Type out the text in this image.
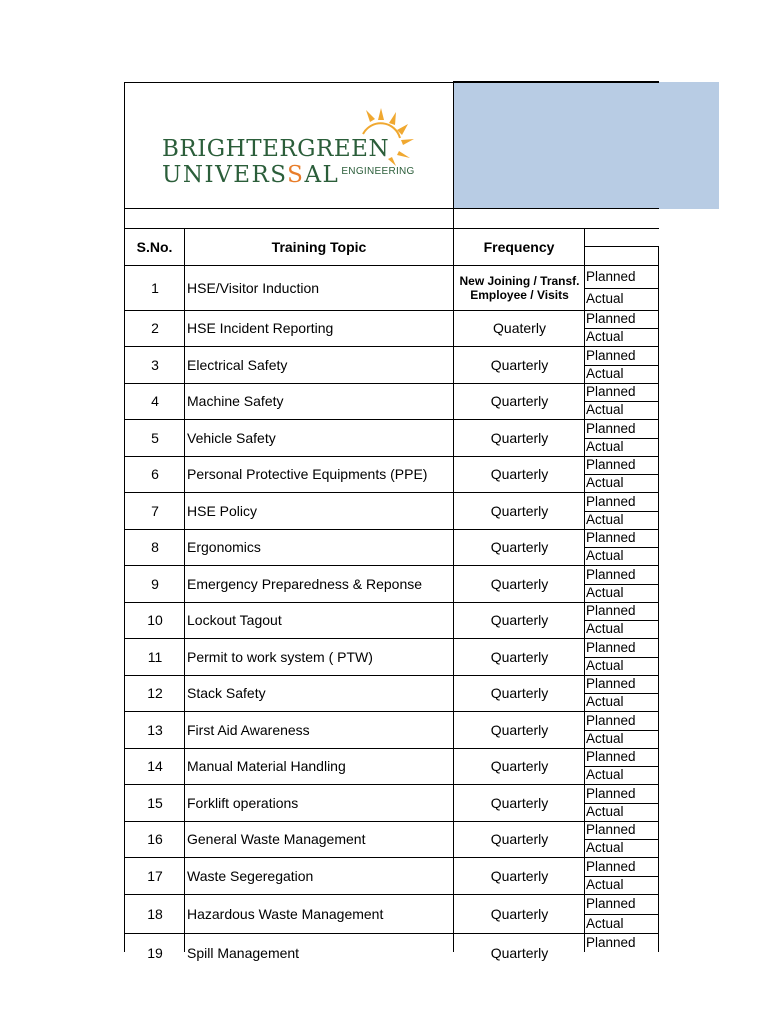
BRIGHTERGREEN
UNIVERSSAL $^{ENGINEERING}$
S.No.	Training Topic	Frequency
1	HSE/Visitor Induction	New Joining / Transf. Employee / Visits
Planned
Actual
2	HSE Incident Reporting	Quaterly
Planned
Actual
3	Electrical Safety	Quarterly
Planned
Actual
4	Machine Safety	Quarterly
Planned
Actual
5	Vehicle Safety	Quarterly
Planned
Actual
6	Personal Protective Equipments (PPE)	Quarterly
Planned
Actual
7	HSE Policy	Quarterly
Planned
Actual
8	Ergonomics	Quarterly
Planned
Actual
9	Emergency Preparedness & Reponse	Quarterly
Planned
Actual
10	Lockout Tagout	Quarterly
Planned
Actual
11	Permit to work system ( PTW)	Quarterly
Planned
Actual
12	Stack Safety	Quarterly
Planned
Actual
13	First Aid Awareness	Quarterly
Planned
Actual
14	Manual Material Handling	Quarterly
Planned
Actual
15	Forklift operations	Quarterly
Planned
Actual
16	General Waste Management	Quarterly
Planned
Actual
17	Waste Segeregation	Quarterly
Planned
Actual
18	Hazardous Waste Management	Quarterly
Planned
Actual
19	Spill Management	Quarterly
Planned
